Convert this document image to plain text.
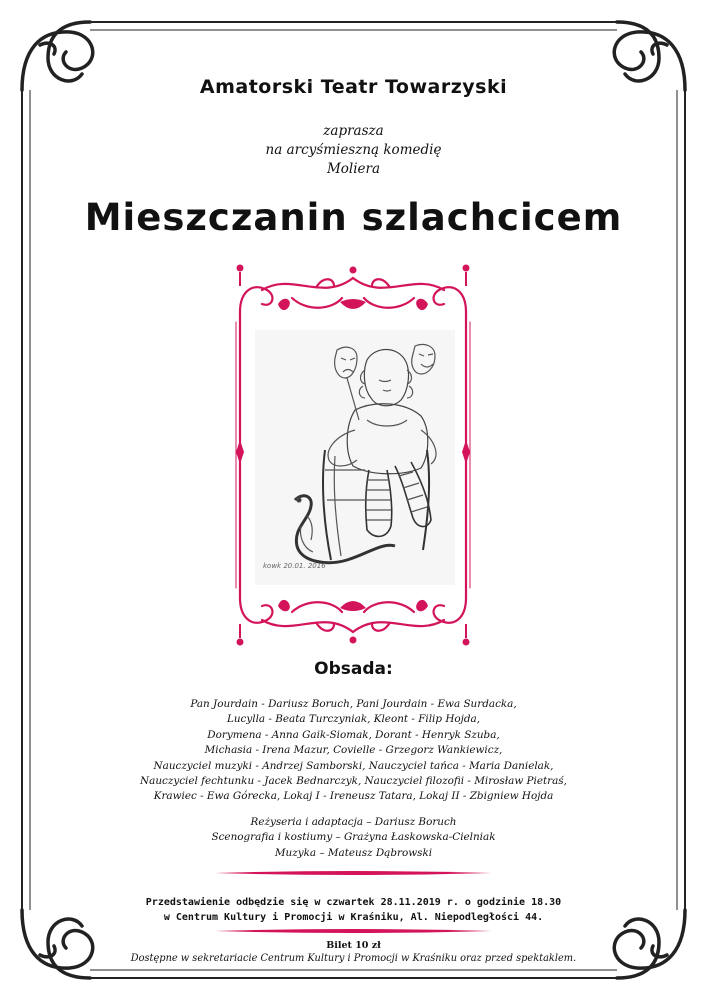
Amatorski Teatr Towarzyski
zaprasza
na arcyśmieszną komedię
Moliera
Mieszczanin szlachcicem
kowk 20.01. 2016
Obsada:
Pan Jourdain - Dariusz Boruch, Pani Jourdain - Ewa Surdacka,
Lucylla - Beata Turczyniak, Kleont - Filip Hojda,
Dorymena - Anna Gaik-Siomak, Dorant - Henryk Szuba,
Michasia - Irena Mazur, Covielle - Grzegorz Wankiewicz,
Nauczyciel muzyki - Andrzej Samborski, Nauczyciel tańca - Maria Danielak,
Nauczyciel fechtunku - Jacek Bednarczyk, Nauczyciel filozofii - Mirosław Pietraś,
Krawiec - Ewa Górecka, Lokaj I - Ireneusz Tatara, Lokaj II - Zbigniew Hojda
Reżyseria i adaptacja – Dariusz Boruch
Scenografia i kostiumy – Grażyna Łaskowska-Cielniak
Muzyka – Mateusz Dąbrowski
Przedstawienie odbędzie się w czwartek 28.11.2019 r. o godzinie 18.30
w Centrum Kultury i Promocji w Kraśniku, Al. Niepodległości 44.
Bilet 10 zł
Dostępne w sekretariacie Centrum Kultury i Promocji w Kraśniku oraz przed spektaklem.
